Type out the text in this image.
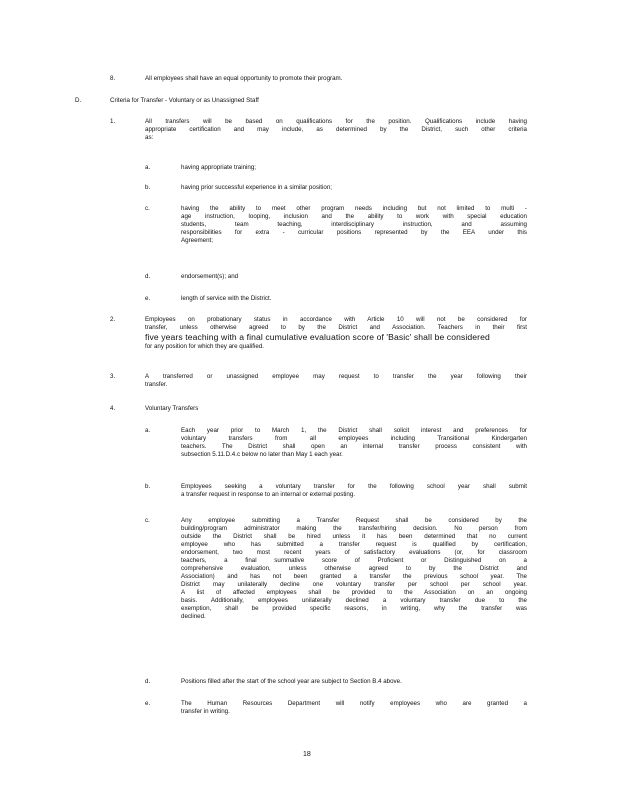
8.	All employees shall have an equal opportunity to promote their program.
D.	Criteria for Transfer - Voluntary or as Unassigned Staff
1.	All transfers will be based on qualifications for the position. Qualifications include having
appropriate certification and may include, as determined by the District, such other criteria
as:
a.	having appropriate training;
b.	having prior successful experience in a similar position;
c.	having the ability to meet other program needs including but not limited to multi -
age instruction, looping, inclusion and the ability to work with special education
students, team teaching, interdisciplinary instruction, and assuming
responsibilities for extra - curricular positions represented by the EEA under this
Agreement;
d.	endorsement(s); and
e.	length of service with the District.
2.	Employees on probationary status in accordance with Article 10 will not be considered for
transfer, unless otherwise agreed to by the District and Association. Teachers in their first
five years teaching with a final cumulative evaluation score of 'Basic' shall be considered
for any position for which they are qualified.
3.	A transferred or unassigned employee may request to transfer the year following their
transfer.
4.	Voluntary Transfers
a.	Each year prior to March 1, the District shall solicit interest and preferences for
voluntary transfers from all employees including Transitional Kindergarten
teachers. The District shall open an internal transfer process consistent with
subsection 5.11.D.4.c below no later than May 1 each year.
b.	Employees seeking a voluntary transfer for the following school year shall submit
a transfer request in response to an internal or external posting.
c.	Any employee submitting a Transfer Request shall be considered by the
building/program administrator making the transfer/hiring decision. No person from
outside the District shall be hired unless it has been determined that no current
employee who has submitted a transfer request is qualified by certification,
endorsement, two most recent years of satisfactory evaluations (or, for classroom
teachers, a final summative score of Proficient or Distinguished on a
comprehensive evaluation, unless otherwise agreed to by the District and
Association) and has not been granted a transfer the previous school year. The
District may unilaterally decline one voluntary transfer per school per school year.
A list of affected employees shall be provided to the Association on an ongoing
basis. Additionally, employees unilaterally declined a voluntary transfer due to the
exemption, shall be provided specific reasons, in writing, why the transfer was
declined.
d.	Positions filled after the start of the school year are subject to Section B.4 above.
e.	The Human Resources Department will notify employees who are granted a
transfer in writing.
18
